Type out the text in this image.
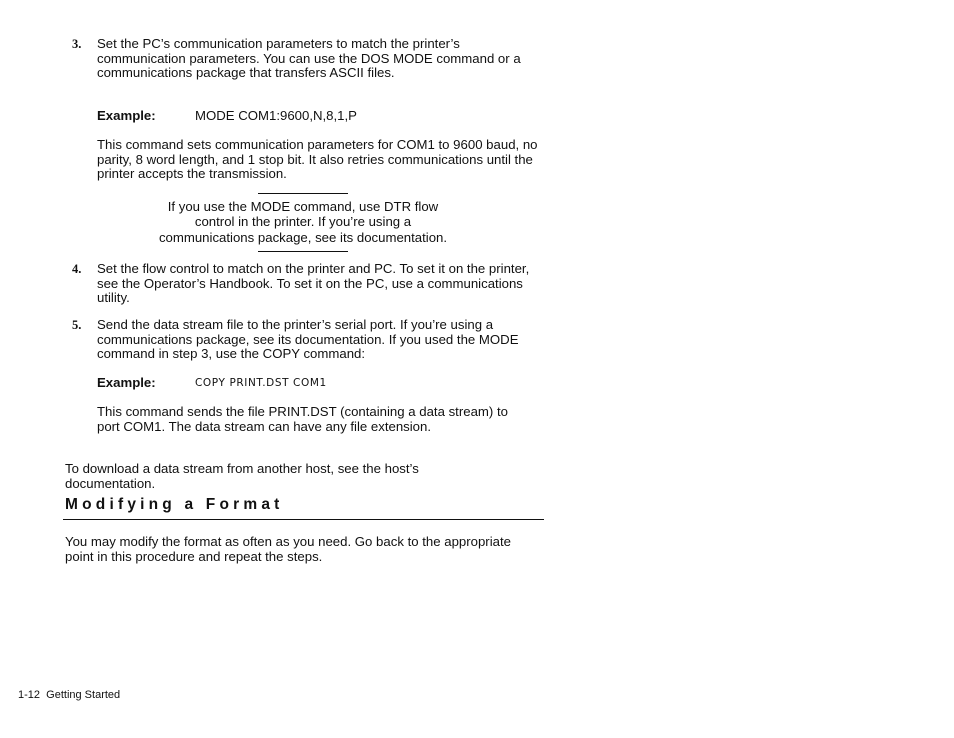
3. Set the PC’s communication parameters to match the printer’s communication parameters. You can use the DOS MODE command or a communications package that transfers ASCII files.

Example:	MODE COM1:9600,N,8,1,P

This command sets communication parameters for COM1 to 9600 baud, no parity, 8 word length, and 1 stop bit. It also retries communications until the printer accepts the transmission.

If you use the MODE command, use DTR flow

control in the printer. If you’re using a

communications package, see its documentation.

4. Set the flow control to match on the printer and PC. To set it on the printer, see the Operator’s Handbook. To set it on the PC, use a communications utility.

5. Send the data stream file to the printer’s serial port. If you’re using a communications package, see its documentation. If you used the MODE command in step 3, use the COPY command:

Example:	COPY PRINT.DST COM1

This command sends the file PRINT.DST (containing a data stream) to port COM1. The data stream can have any file extension.

To download a data stream from another host, see the host’s documentation.

Modifying a Format

You may modify the format as often as you need. Go back to the appropriate point in this procedure and repeat the steps.

1-12 Getting Started
